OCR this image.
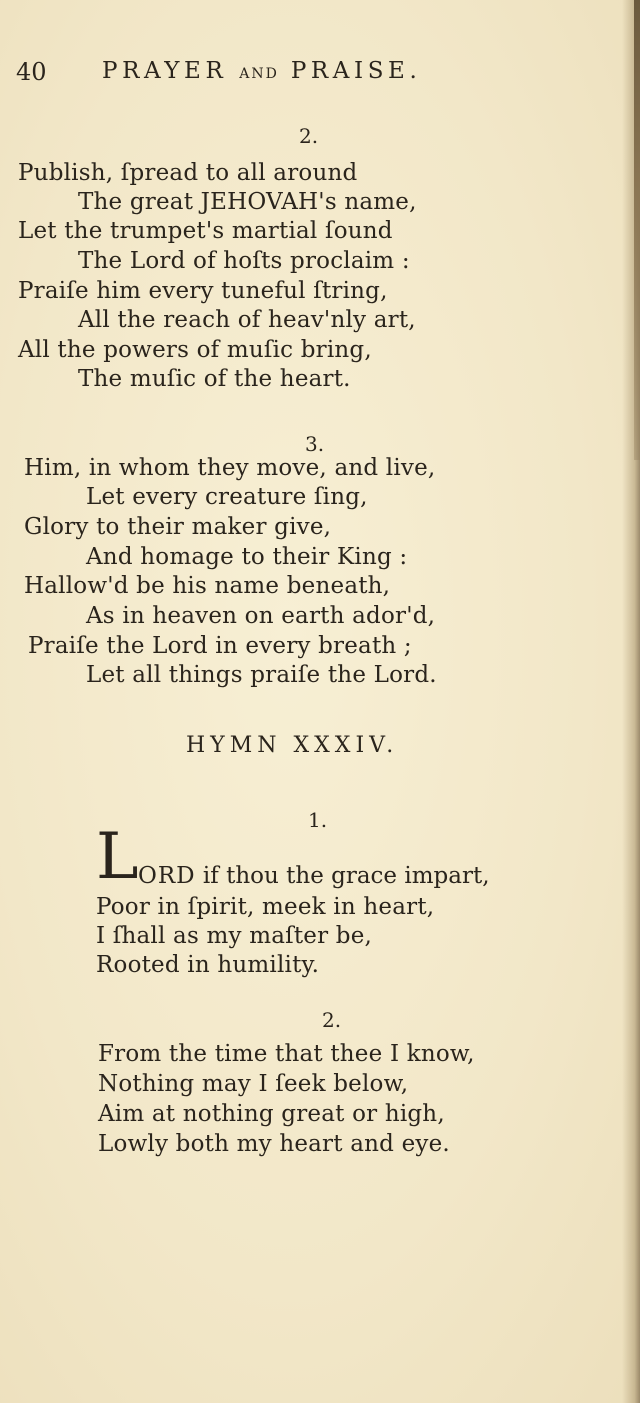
40 PRAYER AND PRAISE.
2.
Publish, ſpread to all around
The great JEHOVAH's name,
Let the trumpet's martial ſound
The Lord of hoſts proclaim :
Praiſe him every tuneful ſtring,
All the reach of heav'nly art,
All the powers of muſic bring,
The muſic of the heart.
3.
Him, in whom they move, and live,
Let every creature ſing,
Glory to their maker give,
And homage to their King :
Hallow'd be his name beneath,
As in heaven on earth ador'd,
Praiſe the Lord in every breath ;
Let all things praiſe the Lord.
HYMN XXXIV.
1.
L ORD if thou the grace impart,
Poor in ſpirit, meek in heart,
I ſhall as my maſter be,
Rooted in humility.
2.
From the time that thee I know,
Nothing may I ſeek below,
Aim at nothing great or high,
Lowly both my heart and eye.
